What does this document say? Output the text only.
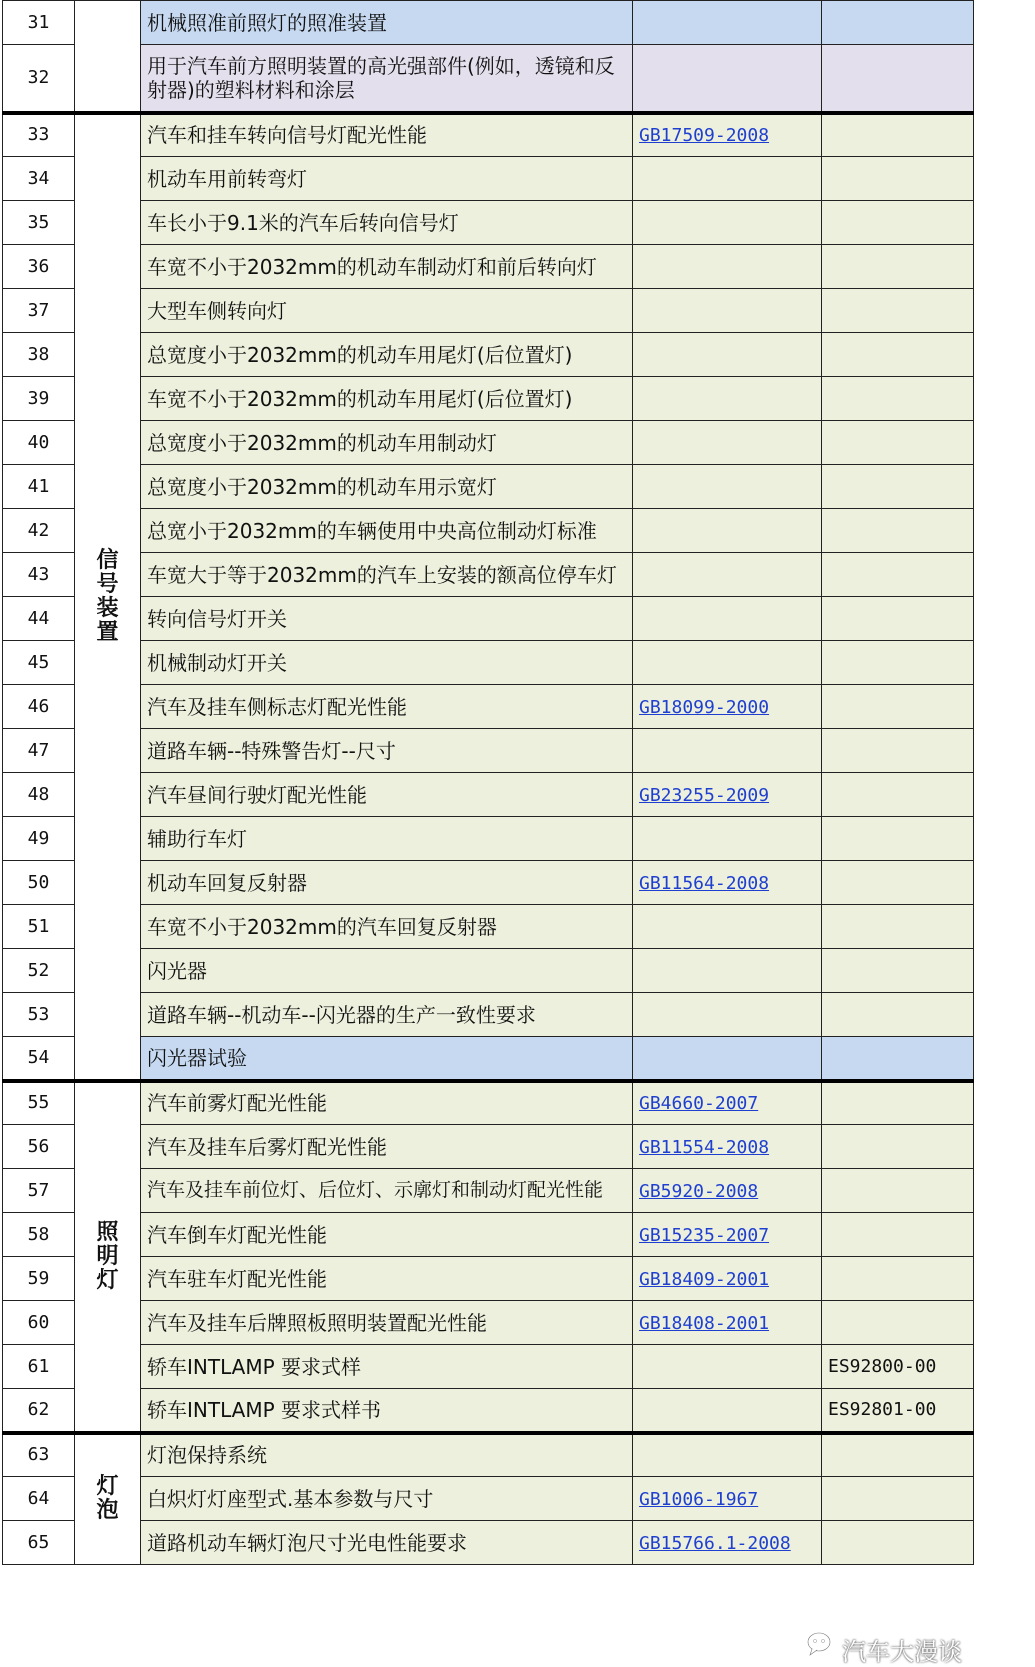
31		机械照准前照灯的照准装置		
32		用于汽车前方照明装置的高光强部件(例如，透镜和反射器)的塑料材料和涂层		
33	信号装置	汽车和挂车转向信号灯配光性能	GB17509-2008	
34		机动车用前转弯灯		
35		车长小于9.1米的汽车后转向信号灯		
36		车宽不小于2032mm的机动车制动灯和前后转向灯		
37		大型车侧转向灯		
38		总宽度小于2032mm的机动车用尾灯(后位置灯)		
39		车宽不小于2032mm的机动车用尾灯(后位置灯)		
40		总宽度小于2032mm的机动车用制动灯		
41		总宽度小于2032mm的机动车用示宽灯		
42		总宽小于2032mm的车辆使用中央高位制动灯标准		
43		车宽大于等于2032mm的汽车上安装的额高位停车灯		
44		转向信号灯开关		
45		机械制动灯开关		
46		汽车及挂车侧标志灯配光性能	GB18099-2000	
47		道路车辆--特殊警告灯--尺寸		
48		汽车昼间行驶灯配光性能	GB23255-2009	
49		辅助行车灯		
50		机动车回复反射器	GB11564-2008	
51		车宽不小于2032mm的汽车回复反射器		
52		闪光器		
53		道路车辆--机动车--闪光器的生产一致性要求		
54		闪光器试验		
55	照明灯	汽车前雾灯配光性能	GB4660-2007	
56		汽车及挂车后雾灯配光性能	GB11554-2008	
57		汽车及挂车前位灯、后位灯、示廓灯和制动灯配光性能	GB5920-2008	
58		汽车倒车灯配光性能	GB15235-2007	
59		汽车驻车灯配光性能	GB18409-2001	
60		汽车及挂车后牌照板照明装置配光性能	GB18408-2001	
61		轿车INTLAMP 要求式样		ES92800-00
62		轿车INTLAMP 要求式样书		ES92801-00
63	灯泡	灯泡保持系统		
64		白炽灯灯座型式.基本参数与尺寸	GB1006-1967	
65		道路机动车辆灯泡尺寸光电性能要求	GB15766.1-2008	
汽车大漫谈
